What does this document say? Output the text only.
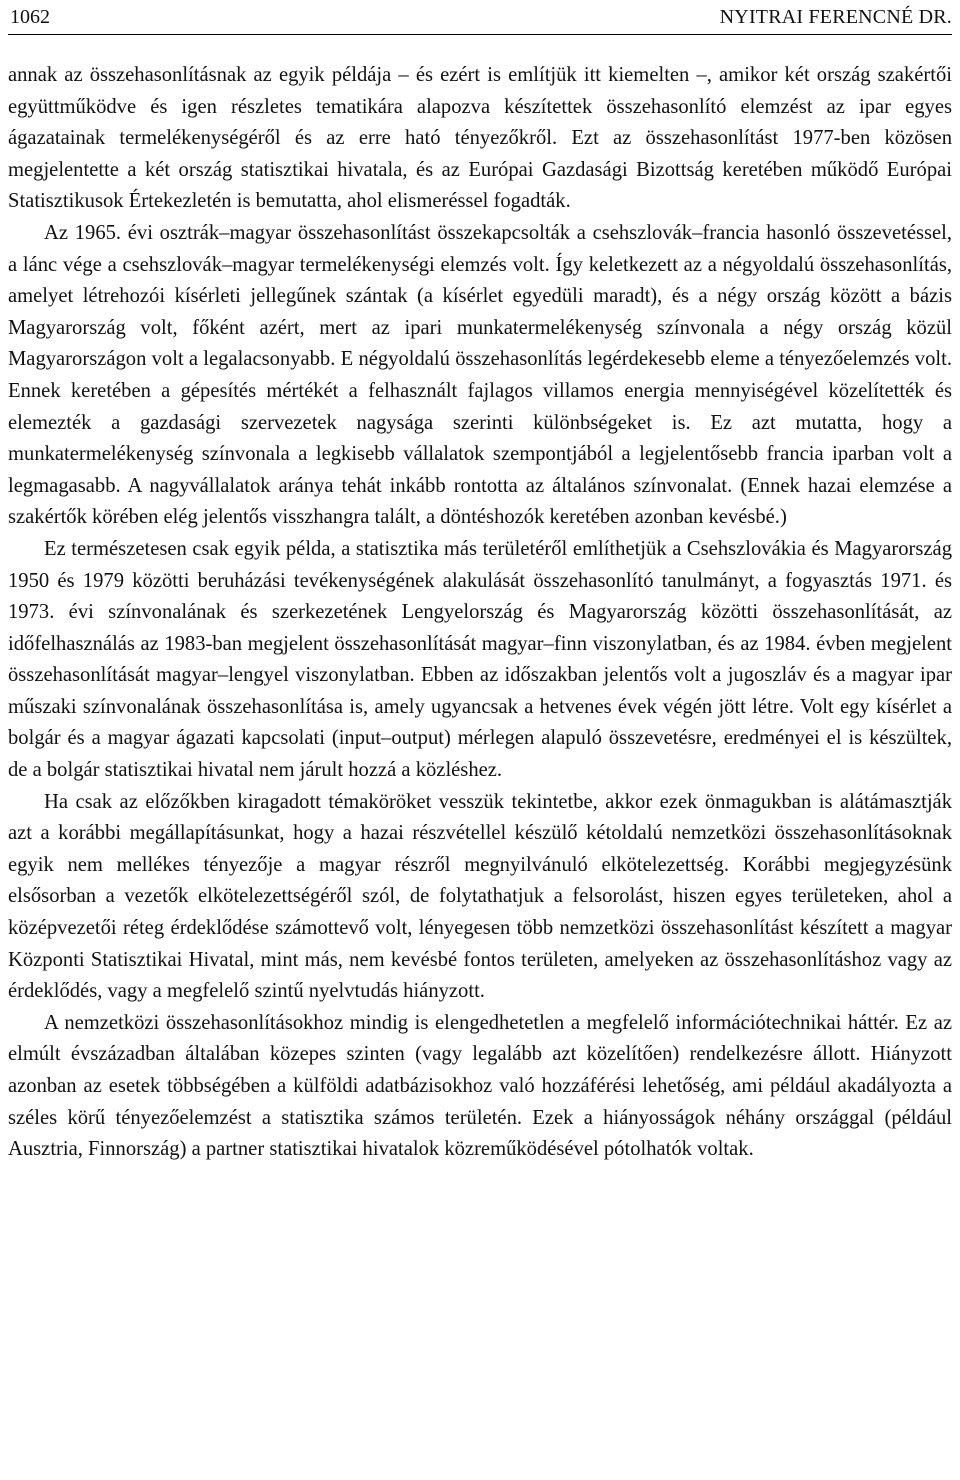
1062	NYITRAI FERENCNÉ DR.

annak az összehasonlításnak az egyik példája – és ezért is említjük itt kiemelten –, amikor két ország szakértői együttműködve és igen részletes tematikára alapozva készítettek összehasonlító elemzést az ipar egyes ágazatainak termelékenységéről és az erre ható tényezőkről. Ezt az összehasonlítást 1977-ben közösen megjelentette a két ország statisztikai hivatala, és az Európai Gazdasági Bizottság keretében működő Európai Statisztikusok Értekezletén is bemutatta, ahol elismeréssel fogadták.

Az 1965. évi osztrák–magyar összehasonlítást összekapcsolták a csehszlovák–francia hasonló összevetéssel, a lánc vége a csehszlovák–magyar termelékenységi elemzés volt. Így keletkezett az a négyoldalú összehasonlítás, amelyet létrehozói kísérleti jellegűnek szántak (a kísérlet egyedüli maradt), és a négy ország között a bázis Magyarország volt, főként azért, mert az ipari munkatermelékenység színvonala a négy ország közül Magyarországon volt a legalacsonyabb. E négyoldalú összehasonlítás legérdekesebb eleme a tényezőelemzés volt. Ennek keretében a gépesítés mértékét a felhasznált fajlagos villamos energia mennyiségével közelítették és elemezték a gazdasági szervezetek nagysága szerinti különbségeket is. Ez azt mutatta, hogy a munkatermelékenység színvonala a legkisebb vállalatok szempontjából a legjelentősebb francia iparban volt a legmagasabb. A nagyvállalatok aránya tehát inkább rontotta az általános színvonalat. (Ennek hazai elemzése a szakértők körében elég jelentős visszhangra talált, a döntéshozók keretében azonban kevésbé.)

Ez természetesen csak egyik példa, a statisztika más területéről említhetjük a Csehszlovákia és Magyarország 1950 és 1979 közötti beruházási tevékenységének alakulását összehasonlító tanulmányt, a fogyasztás 1971. és 1973. évi színvonalának és szerkezetének Lengyelország és Magyarország közötti összehasonlítását, az időfelhasználás az 1983-ban megjelent összehasonlítását magyar–finn viszonylatban, és az 1984. évben megjelent összehasonlítását magyar–lengyel viszonylatban. Ebben az időszakban jelentős volt a jugoszláv és a magyar ipar műszaki színvonalának összehasonlítása is, amely ugyancsak a hetvenes évek végén jött létre. Volt egy kísérlet a bolgár és a magyar ágazati kapcsolati (input–output) mérlegen alapuló összevetésre, eredményei el is készültek, de a bolgár statisztikai hivatal nem járult hozzá a közléshez.

Ha csak az előzőkben kiragadott témaköröket vesszük tekintetbe, akkor ezek önmagukban is alátámasztják azt a korábbi megállapításunkat, hogy a hazai részvétellel készülő kétoldalú nemzetközi összehasonlításoknak egyik nem mellékes tényezője a magyar részről megnyilvánuló elkötelezettség. Korábbi megjegyzésünk elsősorban a vezetők elkötelezettségéről szól, de folytathatjuk a felsorolást, hiszen egyes területeken, ahol a középvezetői réteg érdeklődése számottevő volt, lényegesen több nemzetközi összehasonlítást készített a magyar Központi Statisztikai Hivatal, mint más, nem kevésbé fontos területen, amelyeken az összehasonlításhoz vagy az érdeklődés, vagy a megfelelő szintű nyelvtudás hiányzott.

A nemzetközi összehasonlításokhoz mindig is elengedhetetlen a megfelelő információtechnikai háttér. Ez az elmúlt évszázadban általában közepes szinten (vagy legalább azt közelítően) rendelkezésre állott. Hiányzott azonban az esetek többségében a külföldi adatbázisokhoz való hozzáférési lehetőség, ami például akadályozta a széles körű tényezőelemzést a statisztika számos területén. Ezek a hiányosságok néhány országgal (például Ausztria, Finnország) a partner statisztikai hivatalok közreműködésével pótolhatók voltak.
